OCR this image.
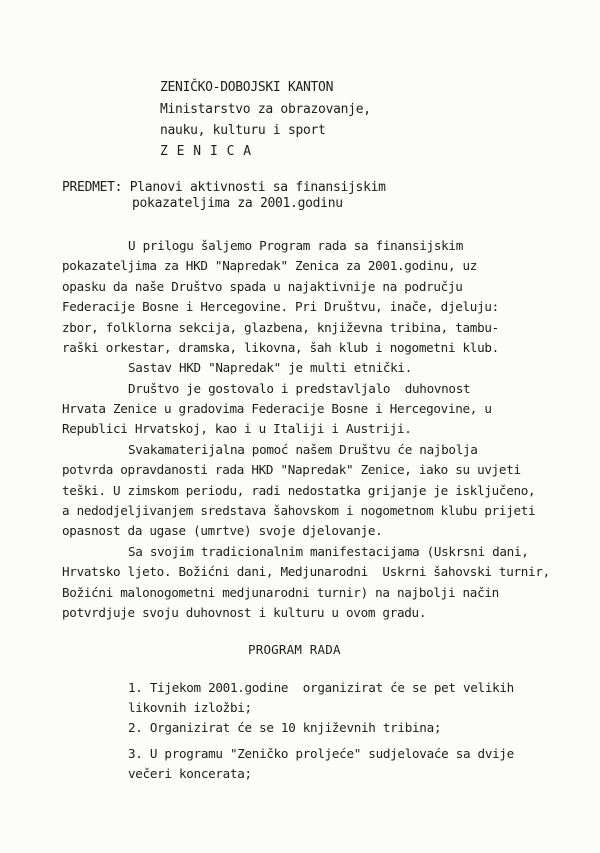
ZENIČKO-DOBOJSKI KANTON
Ministarstvo za obrazovanje,
nauku, kulturu i sport
Z E N I C A
PREDMET: Planovi aktivnosti sa finansijskim
pokazateljima za 2001.godinu
U prilogu šaljemo Program rada sa finansijskim
pokazateljima za HKD "Napredak" Zenica za 2001.godinu, uz
opasku da naše Društvo spada u najaktivnije na području
Federacije Bosne i Hercegovine. Pri Društvu, inače, djeluju:
zbor, folklorna sekcija, glazbena, književna tribina, tambu-
raški orkestar, dramska, likovna, šah klub i nogometni klub.
Sastav HKD "Napredak" je multi etnički.
Društvo je gostovalo i predstavljalo  duhovnost
Hrvata Zenice u gradovima Federacije Bosne i Hercegovine, u
Republici Hrvatskoj, kao i u Italiji i Austriji.
Svakamaterijalna pomoć našem Društvu će najbolja
potvrda opravdanosti rada HKD "Napredak" Zenice, iako su uvjeti
teški. U zimskom periodu, radi nedostatka grijanje je isključeno,
a nedodjeljivanjem sredstava šahovskom i nogometnom klubu prijeti
opasnost da ugase (umrtve) svoje djelovanje.
Sa svojim tradicionalnim manifestacijama (Uskrsni dani,
Hrvatsko ljeto. Božićni dani, Medjunarodni  Uskrni šahovski turnir,
Božićni malonogometni medjunarodni turnir) na najbolji način
potvrdjuje svoju duhovnost i kulturu u ovom gradu.
PROGRAM RADA
1. Tijekom 2001.godine  organizirat će se pet velikih
likovnih izložbi;
2. Organizirat će se 10 književnih tribina;
3. U programu "Zeničko proljeće" sudjelovaće sa dvije
večeri koncerata;
